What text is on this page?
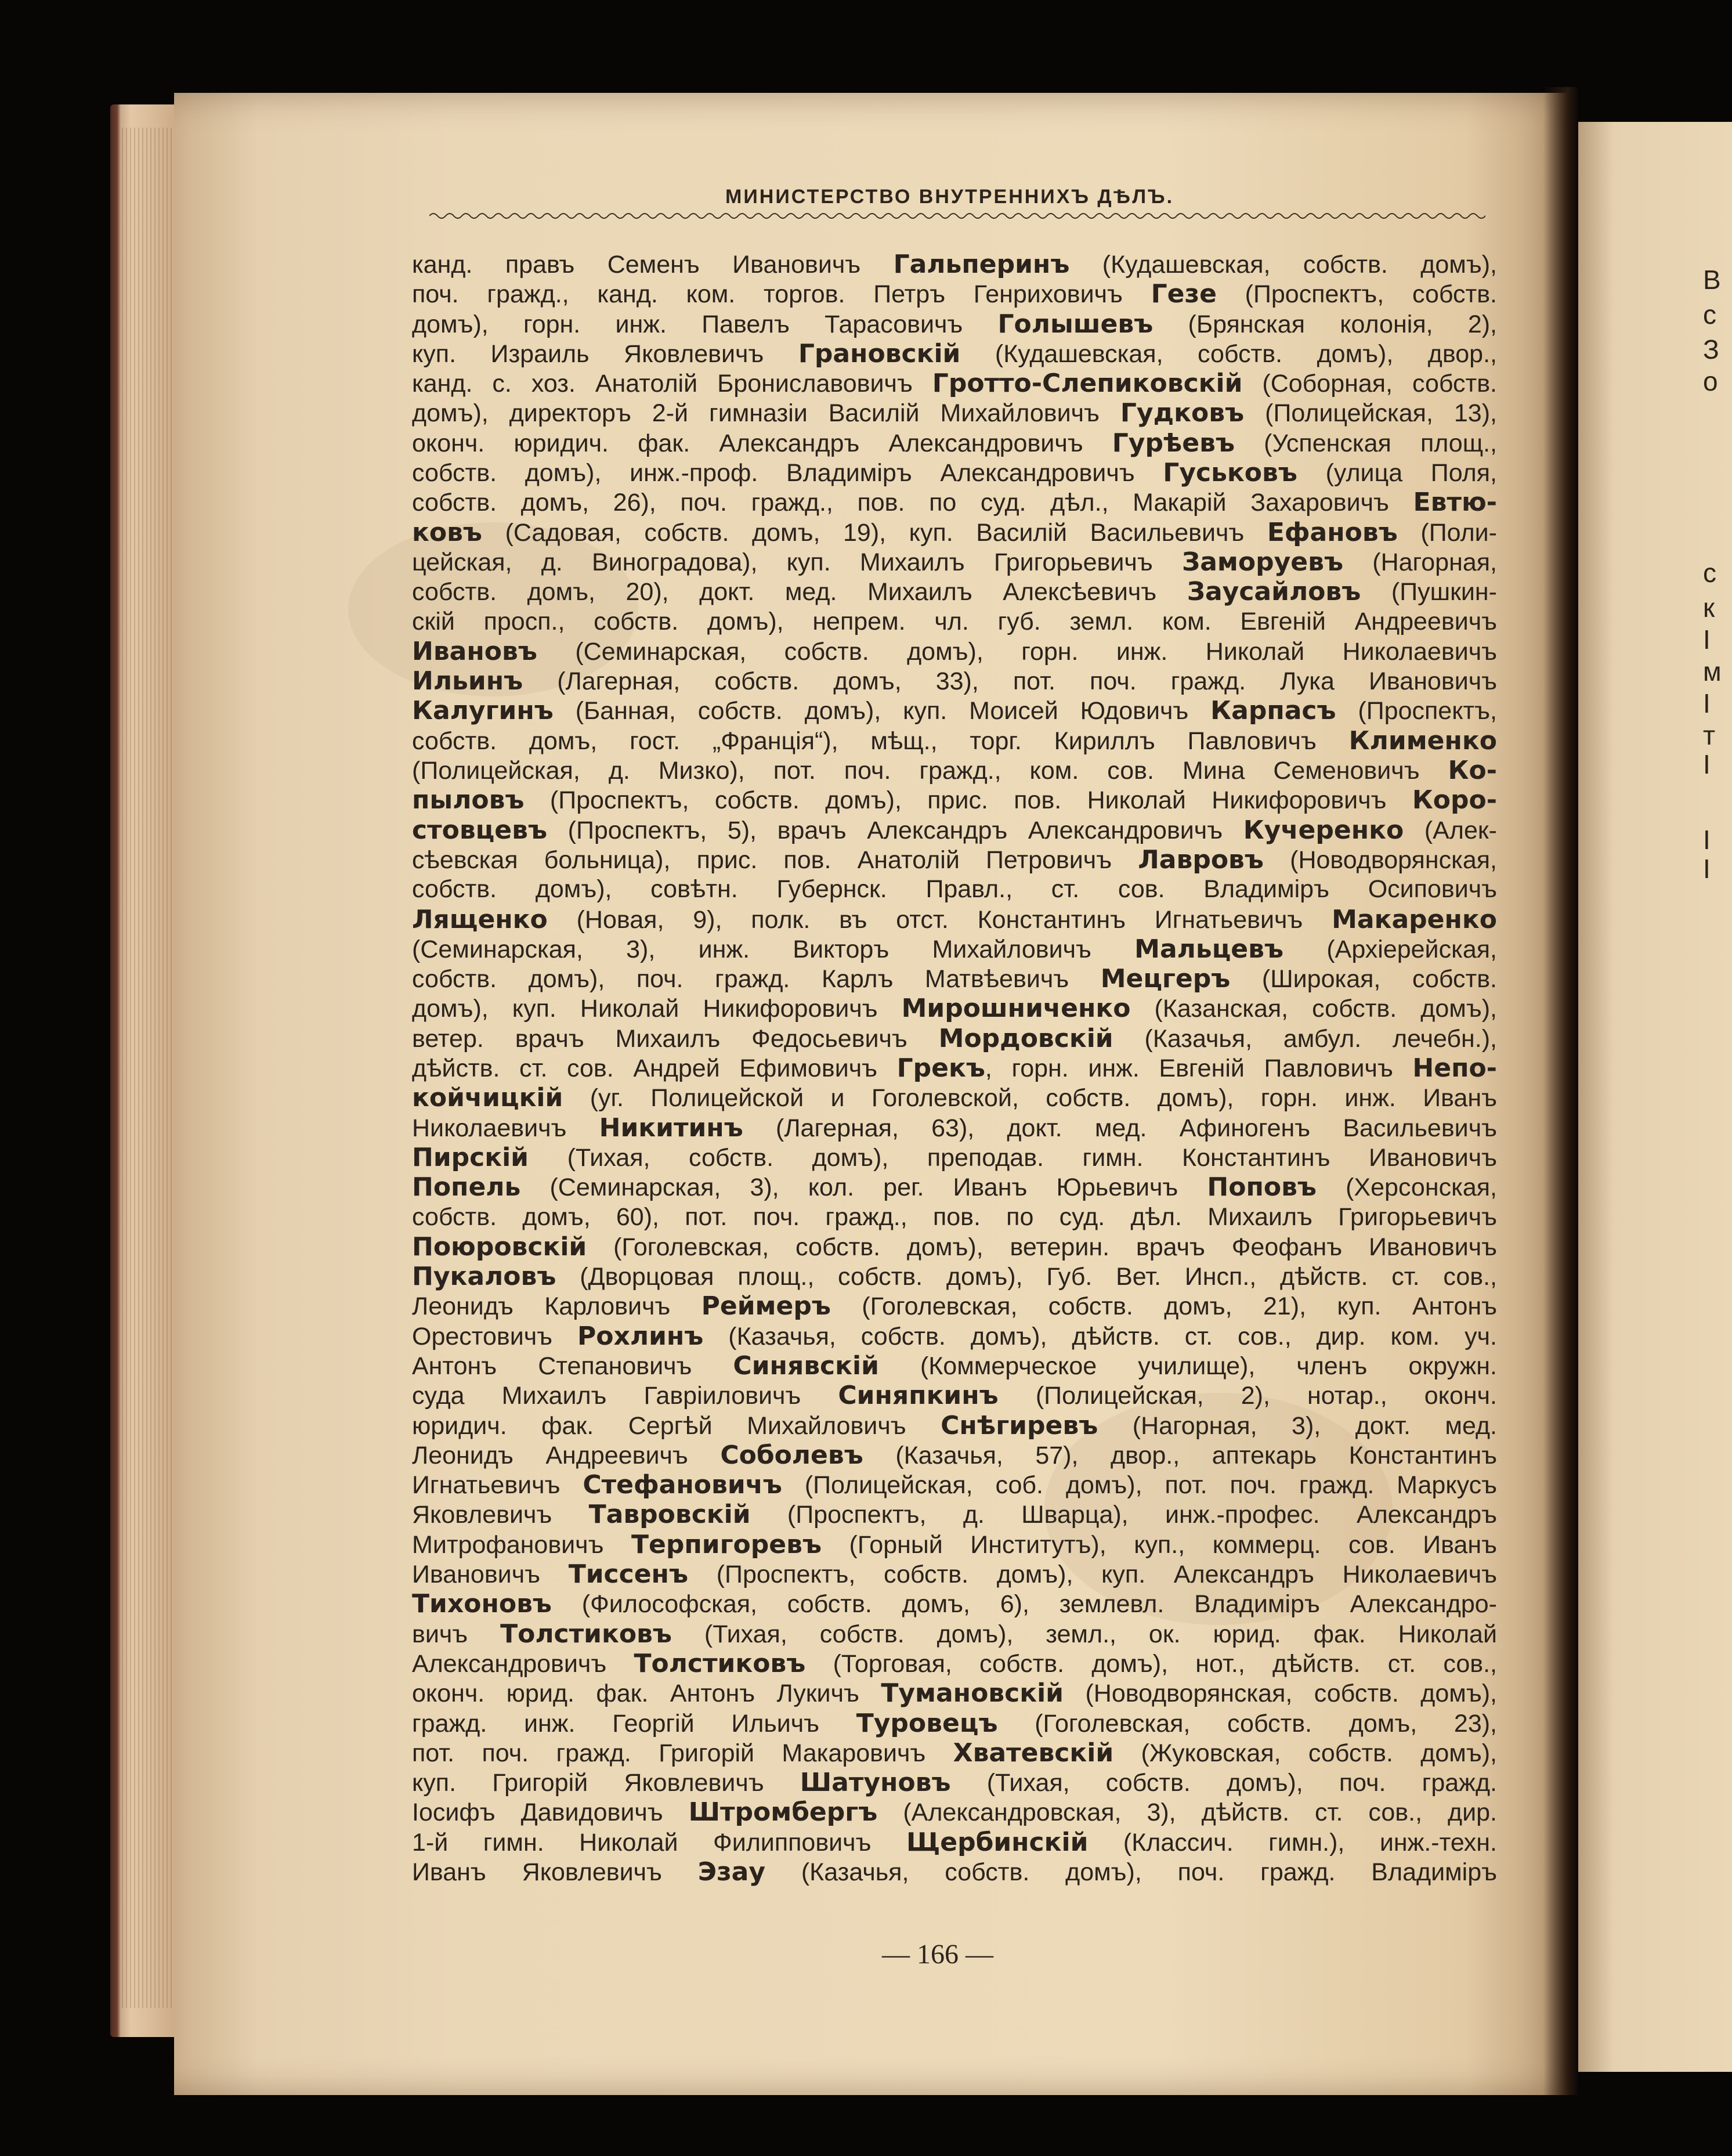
В
с
З
о
с
к
I
м
I
т
I
I
I
МИНИСТЕРСТВО ВНУТРЕННИХЪ ДѢЛЪ.
канд. правъ Семенъ Ивановичъ Гальперинъ (Кудашевская, собств. домъ),
поч. гражд., канд. ком. торгов. Петръ Генриховичъ Гезе (Проспектъ, собств.
домъ), горн. инж. Павелъ Тарасовичъ Голышевъ (Брянская колонія, 2),
куп. Израиль Яковлевичъ Грановскій (Кудашевская, собств. домъ), двор.,
канд. с. хоз. Анатолій Брониславовичъ Гротто-Слепиковскій (Соборная, собств.
домъ), директоръ 2-й гимназіи Василій Михайловичъ Гудковъ (Полицейская, 13),
оконч. юридич. фак. Александръ Александровичъ Гурѣевъ (Успенская площ.,
собств. домъ), инж.-проф. Владиміръ Александровичъ Гуськовъ (улица Поля,
собств. домъ, 26), поч. гражд., пов. по суд. дѣл., Макарій Захаровичъ Евтю-
ковъ (Садовая, собств. домъ, 19), куп. Василій Васильевичъ Ефановъ (Поли-
цейская, д. Виноградова), куп. Михаилъ Григорьевичъ Заморуевъ (Нагорная,
собств. домъ, 20), докт. мед. Михаилъ Алексѣевичъ Заусайловъ (Пушкин-
скій просп., собств. домъ), непрем. чл. губ. земл. ком. Евгеній Андреевичъ
Ивановъ (Семинарская, собств. домъ), горн. инж. Николай Николаевичъ
Ильинъ (Лагерная, собств. домъ, 33), пот. поч. гражд. Лука Ивановичъ
Калугинъ (Банная, собств. домъ), куп. Моисей Юдовичъ Карпасъ (Проспектъ,
собств. домъ, гост. „Франція“), мѣщ., торг. Кириллъ Павловичъ Клименко
(Полицейская, д. Мизко), пот. поч. гражд., ком. сов. Мина Семеновичъ Ко-
пыловъ (Проспектъ, собств. домъ), прис. пов. Николай Никифоровичъ Коро-
стовцевъ (Проспектъ, 5), врачъ Александръ Александровичъ Кучеренко (Алек-
сѣевская больница), прис. пов. Анатолій Петровичъ Лавровъ (Новодворянская,
собств. домъ), совѣтн. Губернск. Правл., ст. сов. Владиміръ Осиповичъ
Лященко (Новая, 9), полк. въ отст. Константинъ Игнатьевичъ Макаренко
(Семинарская, 3), инж. Викторъ Михайловичъ Мальцевъ (Архіерейская,
собств. домъ), поч. гражд. Карлъ Матвѣевичъ Мецгеръ (Широкая, собств.
домъ), куп. Николай Никифоровичъ Мирошниченко (Казанская, собств. домъ),
ветер. врачъ Михаилъ Федосьевичъ Мордовскій (Казачья, амбул. лечебн.),
дѣйств. ст. сов. Андрей Ефимовичъ Грекъ, горн. инж. Евгеній Павловичъ Непо-
койчицкій (уг. Полицейской и Гоголевской, собств. домъ), горн. инж. Иванъ
Николаевичъ Никитинъ (Лагерная, 63), докт. мед. Афиногенъ Васильевичъ
Пирскій (Тихая, собств. домъ), преподав. гимн. Константинъ Ивановичъ
Попель (Семинарская, 3), кол. рег. Иванъ Юрьевичъ Поповъ (Херсонская,
собств. домъ, 60), пот. поч. гражд., пов. по суд. дѣл. Михаилъ Григорьевичъ
Поюровскій (Гоголевская, собств. домъ), ветерин. врачъ Феофанъ Ивановичъ
Пукаловъ (Дворцовая площ., собств. домъ), Губ. Вет. Инсп., дѣйств. ст. сов.,
Леонидъ Карловичъ Реймеръ (Гоголевская, собств. домъ, 21), куп. Антонъ
Орестовичъ Рохлинъ (Казачья, собств. домъ), дѣйств. ст. сов., дир. ком. уч.
Антонъ Степановичъ Синявскій (Коммерческое училище), членъ окружн.
суда Михаилъ Гавріиловичъ Синяпкинъ (Полицейская, 2), нотар., оконч.
юридич. фак. Сергѣй Михайловичъ Снѣгиревъ (Нагорная, 3), докт. мед.
Леонидъ Андреевичъ Соболевъ (Казачья, 57), двор., аптекарь Константинъ
Игнатьевичъ Стефановичъ (Полицейская, соб. домъ), пот. поч. гражд. Маркусъ
Яковлевичъ Тавровскій (Проспектъ, д. Шварца), инж.-профес. Александръ
Митрофановичъ Терпигоревъ (Горный Институтъ), куп., коммерц. сов. Иванъ
Ивановичъ Тиссенъ (Проспектъ, собств. домъ), куп. Александръ Николаевичъ
Тихоновъ (Философская, собств. домъ, 6), землевл. Владиміръ Александро-
вичъ Толстиковъ (Тихая, собств. домъ), земл., ок. юрид. фак. Николай
Александровичъ Толстиковъ (Торговая, собств. домъ), нот., дѣйств. ст. сов.,
оконч. юрид. фак. Антонъ Лукичъ Тумановскій (Новодворянская, собств. домъ),
гражд. инж. Георгій Ильичъ Туровецъ (Гоголевская, собств. домъ, 23),
пот. поч. гражд. Григорій Макаровичъ Хватевскій (Жуковская, собств. домъ),
куп. Григорій Яковлевичъ Шатуновъ (Тихая, собств. домъ), поч. гражд.
Іосифъ Давидовичъ Штромбергъ (Александровская, 3), дѣйств. ст. сов., дир.
1-й гимн. Николай Филипповичъ Щербинскій (Классич. гимн.), инж.-техн.
Иванъ Яковлевичъ Эзау (Казачья, собств. домъ), поч. гражд. Владиміръ
— 166 —
